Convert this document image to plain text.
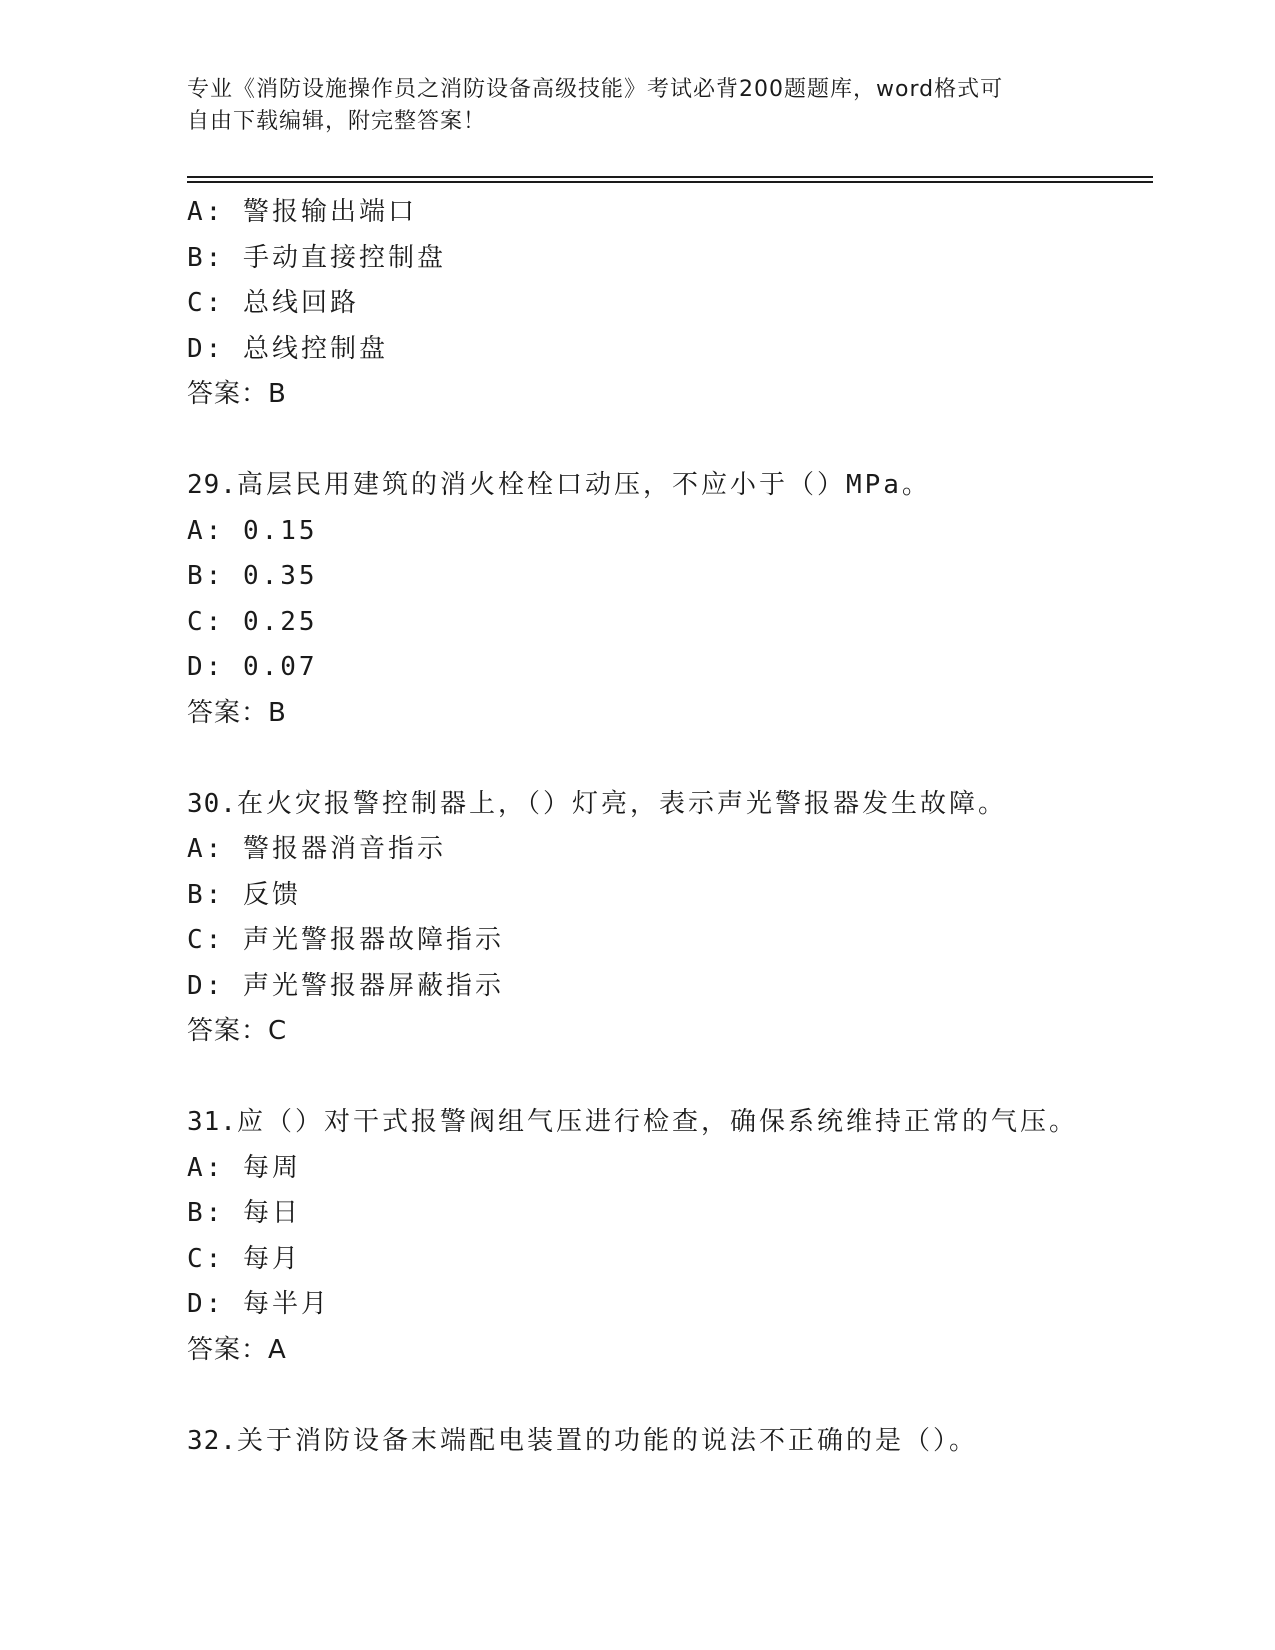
专业《消防设施操作员之消防设备高级技能》考试必背200题题库，word格式可
自由下载编辑，附完整答案！
A: 警报输出端口
B: 手动直接控制盘
C: 总线回路
D: 总线控制盘
答案：B
29.高层民用建筑的消火栓栓口动压，不应小于（）MPa。
A: 0.15
B: 0.35
C: 0.25
D: 0.07
答案：B
30.在火灾报警控制器上，（）灯亮，表示声光警报器发生故障。
A: 警报器消音指示
B: 反馈
C: 声光警报器故障指示
D: 声光警报器屏蔽指示
答案：C
31.应（）对干式报警阀组气压进行检查，确保系统维持正常的气压。
A: 每周
B: 每日
C: 每月
D: 每半月
答案：A
32.关于消防设备末端配电装置的功能的说法不正确的是（）。
